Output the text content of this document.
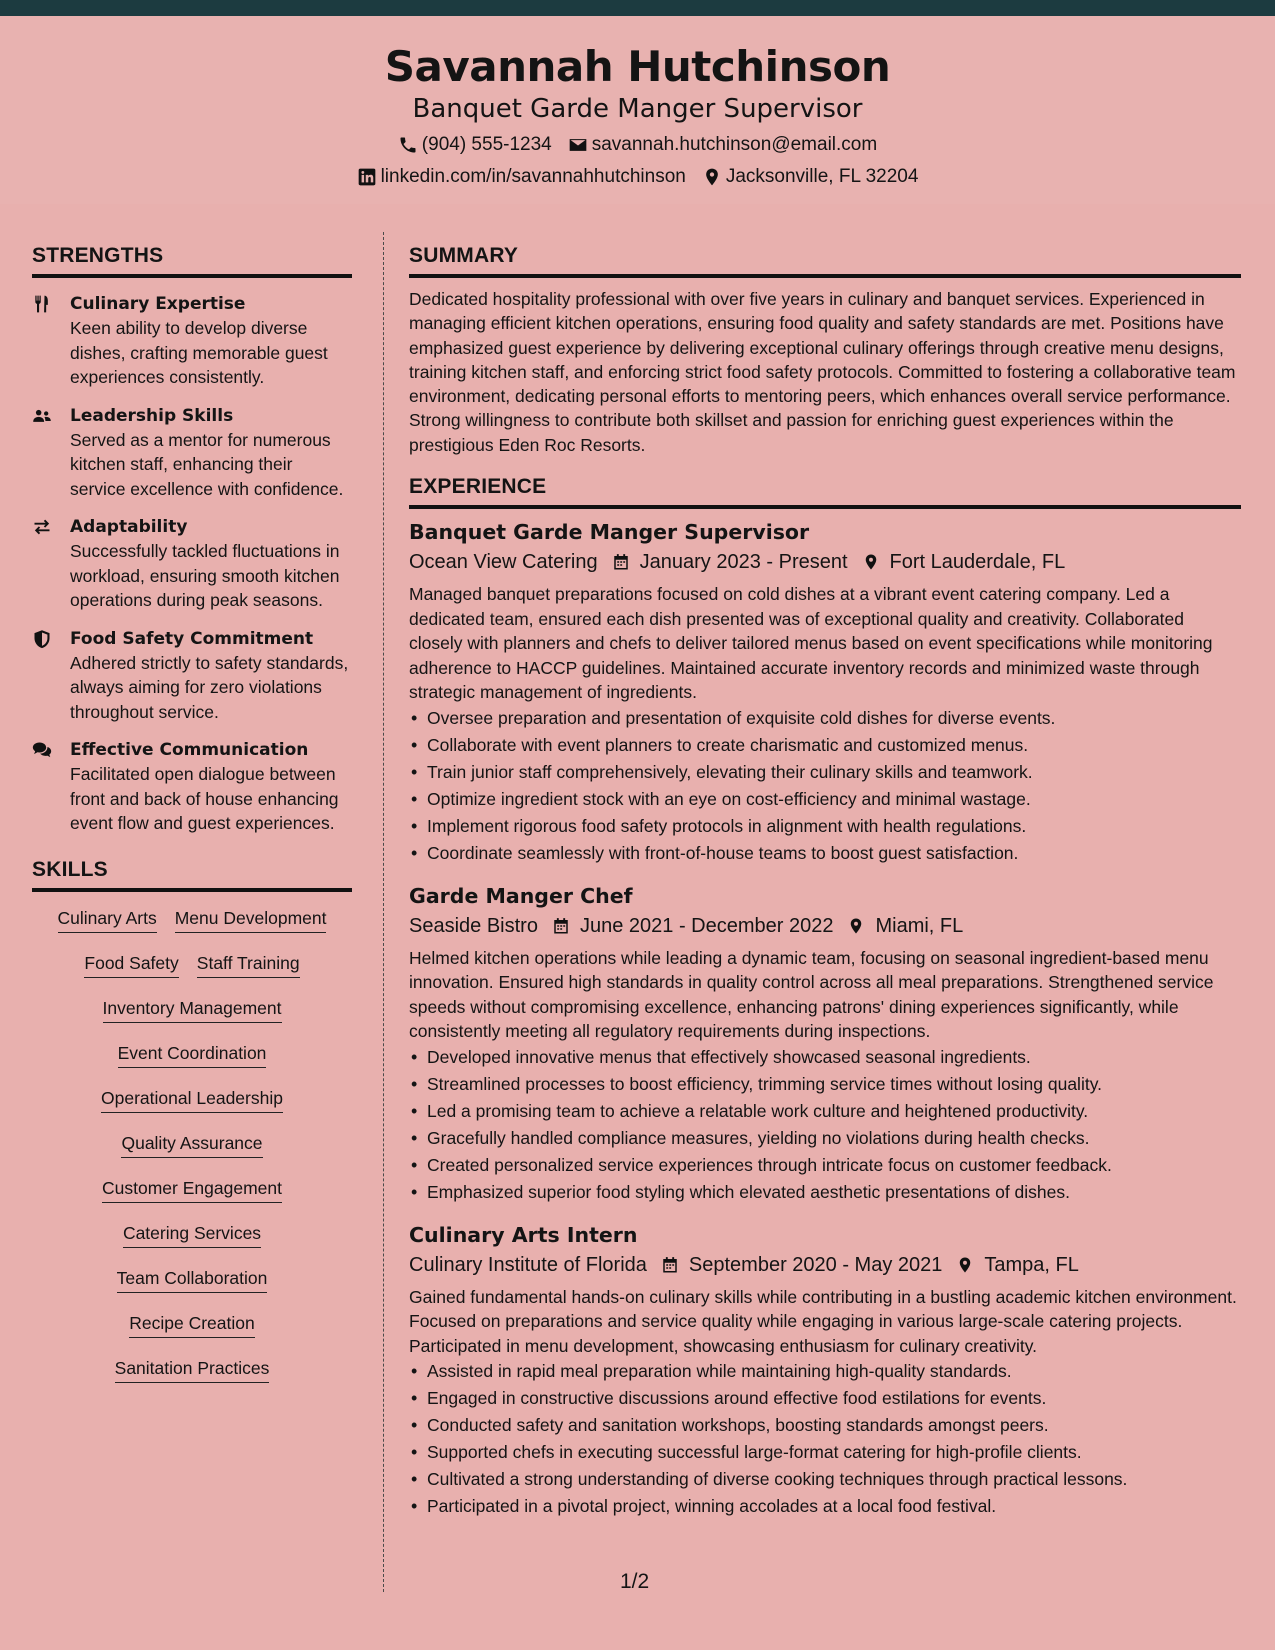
Savannah Hutchinson
Banquet Garde Manger Supervisor
(904) 555-1234 savannah.hutchinson@email.com
linkedin.com/in/savannahhutchinson Jacksonville, FL 32204
STRENGTHS
Culinary Expertise
Keen ability to develop diverse dishes, crafting memorable guest experiences consistently.
Leadership Skills
Served as a mentor for numerous kitchen staff, enhancing their service excellence with confidence.
Adaptability
Successfully tackled fluctuations in workload, ensuring smooth kitchen operations during peak seasons.
Food Safety Commitment
Adhered strictly to safety standards, always aiming for zero violations throughout service.
Effective Communication
Facilitated open dialogue between front and back of house enhancing event flow and guest experiences.
SKILLS
Culinary Arts Menu Development
Food Safety Staff Training
Inventory Management
Event Coordination
Operational Leadership
Quality Assurance
Customer Engagement
Catering Services
Team Collaboration
Recipe Creation
Sanitation Practices
SUMMARY

Dedicated hospitality professional with over five years in culinary and banquet services. Experienced in managing efficient kitchen operations, ensuring food quality and safety standards are met. Positions have emphasized guest experience by delivering exceptional culinary offerings through creative menu designs, training kitchen staff, and enforcing strict food safety protocols. Committed to fostering a collaborative team environment, dedicating personal efforts to mentoring peers, which enhances overall service performance. Strong willingness to contribute both skillset and passion for enriching guest experiences within the prestigious Eden Roc Resorts.

EXPERIENCE
Banquet Garde Manger Supervisor
Ocean View Catering January 2023 - Present Fort Lauderdale, FL

Managed banquet preparations focused on cold dishes at a vibrant event catering company. Led a dedicated team, ensured each dish presented was of exceptional quality and creativity. Collaborated closely with planners and chefs to deliver tailored menus based on event specifications while monitoring adherence to HACCP guidelines. Maintained accurate inventory records and minimized waste through strategic management of ingredients.

• Oversee preparation and presentation of exquisite cold dishes for diverse events.
• Collaborate with event planners to create charismatic and customized menus.
• Train junior staff comprehensively, elevating their culinary skills and teamwork.
• Optimize ingredient stock with an eye on cost-efficiency and minimal wastage.
• Implement rigorous food safety protocols in alignment with health regulations.
• Coordinate seamlessly with front-of-house teams to boost guest satisfaction.
Garde Manger Chef
Seaside Bistro June 2021 - December 2022 Miami, FL

Helmed kitchen operations while leading a dynamic team, focusing on seasonal ingredient-based menu innovation. Ensured high standards in quality control across all meal preparations. Strengthened service speeds without compromising excellence, enhancing patrons' dining experiences significantly, while consistently meeting all regulatory requirements during inspections.

• Developed innovative menus that effectively showcased seasonal ingredients.
• Streamlined processes to boost efficiency, trimming service times without losing quality.
• Led a promising team to achieve a relatable work culture and heightened productivity.
• Gracefully handled compliance measures, yielding no violations during health checks.
• Created personalized service experiences through intricate focus on customer feedback.
• Emphasized superior food styling which elevated aesthetic presentations of dishes.
Culinary Arts Intern
Culinary Institute of Florida September 2020 - May 2021 Tampa, FL

Gained fundamental hands-on culinary skills while contributing in a bustling academic kitchen environment. Focused on preparations and service quality while engaging in various large-scale catering projects. Participated in menu development, showcasing enthusiasm for culinary creativity.

• Assisted in rapid meal preparation while maintaining high-quality standards.
• Engaged in constructive discussions around effective food estilations for events.
• Conducted safety and sanitation workshops, boosting standards amongst peers.
• Supported chefs in executing successful large-format catering for high-profile clients.
• Cultivated a strong understanding of diverse cooking techniques through practical lessons.
• Participated in a pivotal project, winning accolades at a local food festival.
1/2
